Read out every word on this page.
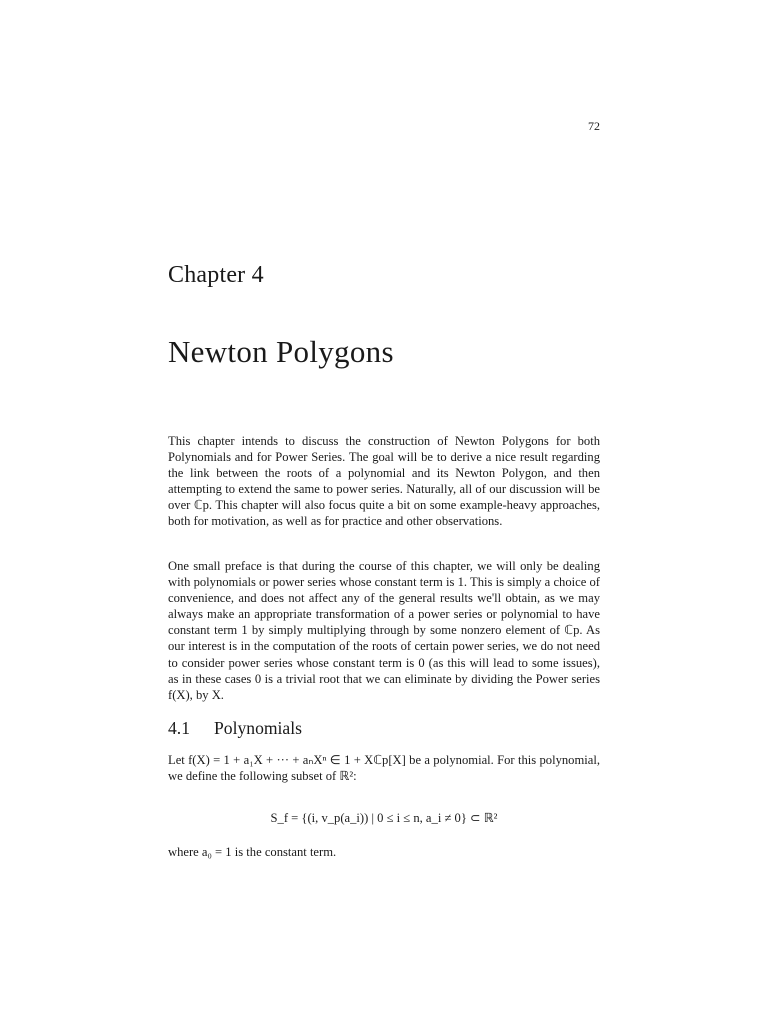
72
Chapter 4
Newton Polygons

This chapter intends to discuss the construction of Newton Polygons for both Polynomials and for Power Series. The goal will be to derive a nice result regarding the link between the roots of a polynomial and its Newton Polygon, and then attempting to extend the same to power series. Naturally, all of our discussion will be over ℂp. This chapter will also focus quite a bit on some example-heavy approaches, both for motivation, as well as for practice and other observations.

One small preface is that during the course of this chapter, we will only be dealing with polynomials or power series whose constant term is 1. This is simply a choice of convenience, and does not affect any of the general results we'll obtain, as we may always make an appropriate transformation of a power series or polynomial to have constant term 1 by simply multiplying through by some nonzero element of ℂp. As our interest is in the computation of the roots of certain power series, we do not need to consider power series whose constant term is 0 (as this will lead to some issues), as in these cases 0 is a trivial root that we can eliminate by dividing the Power series f(X), by X.

4.1 Polynomials

Let f(X) = 1 + a₁X + ··· + aₙXⁿ ∈ 1 + Xℂp[X] be a polynomial. For this polynomial, we define the following subset of ℝ²:

S_f = {(i, v_p(a_i)) | 0 ≤ i ≤ n, a_i ≠ 0} ⊂ ℝ²

where a₀ = 1 is the constant term.
